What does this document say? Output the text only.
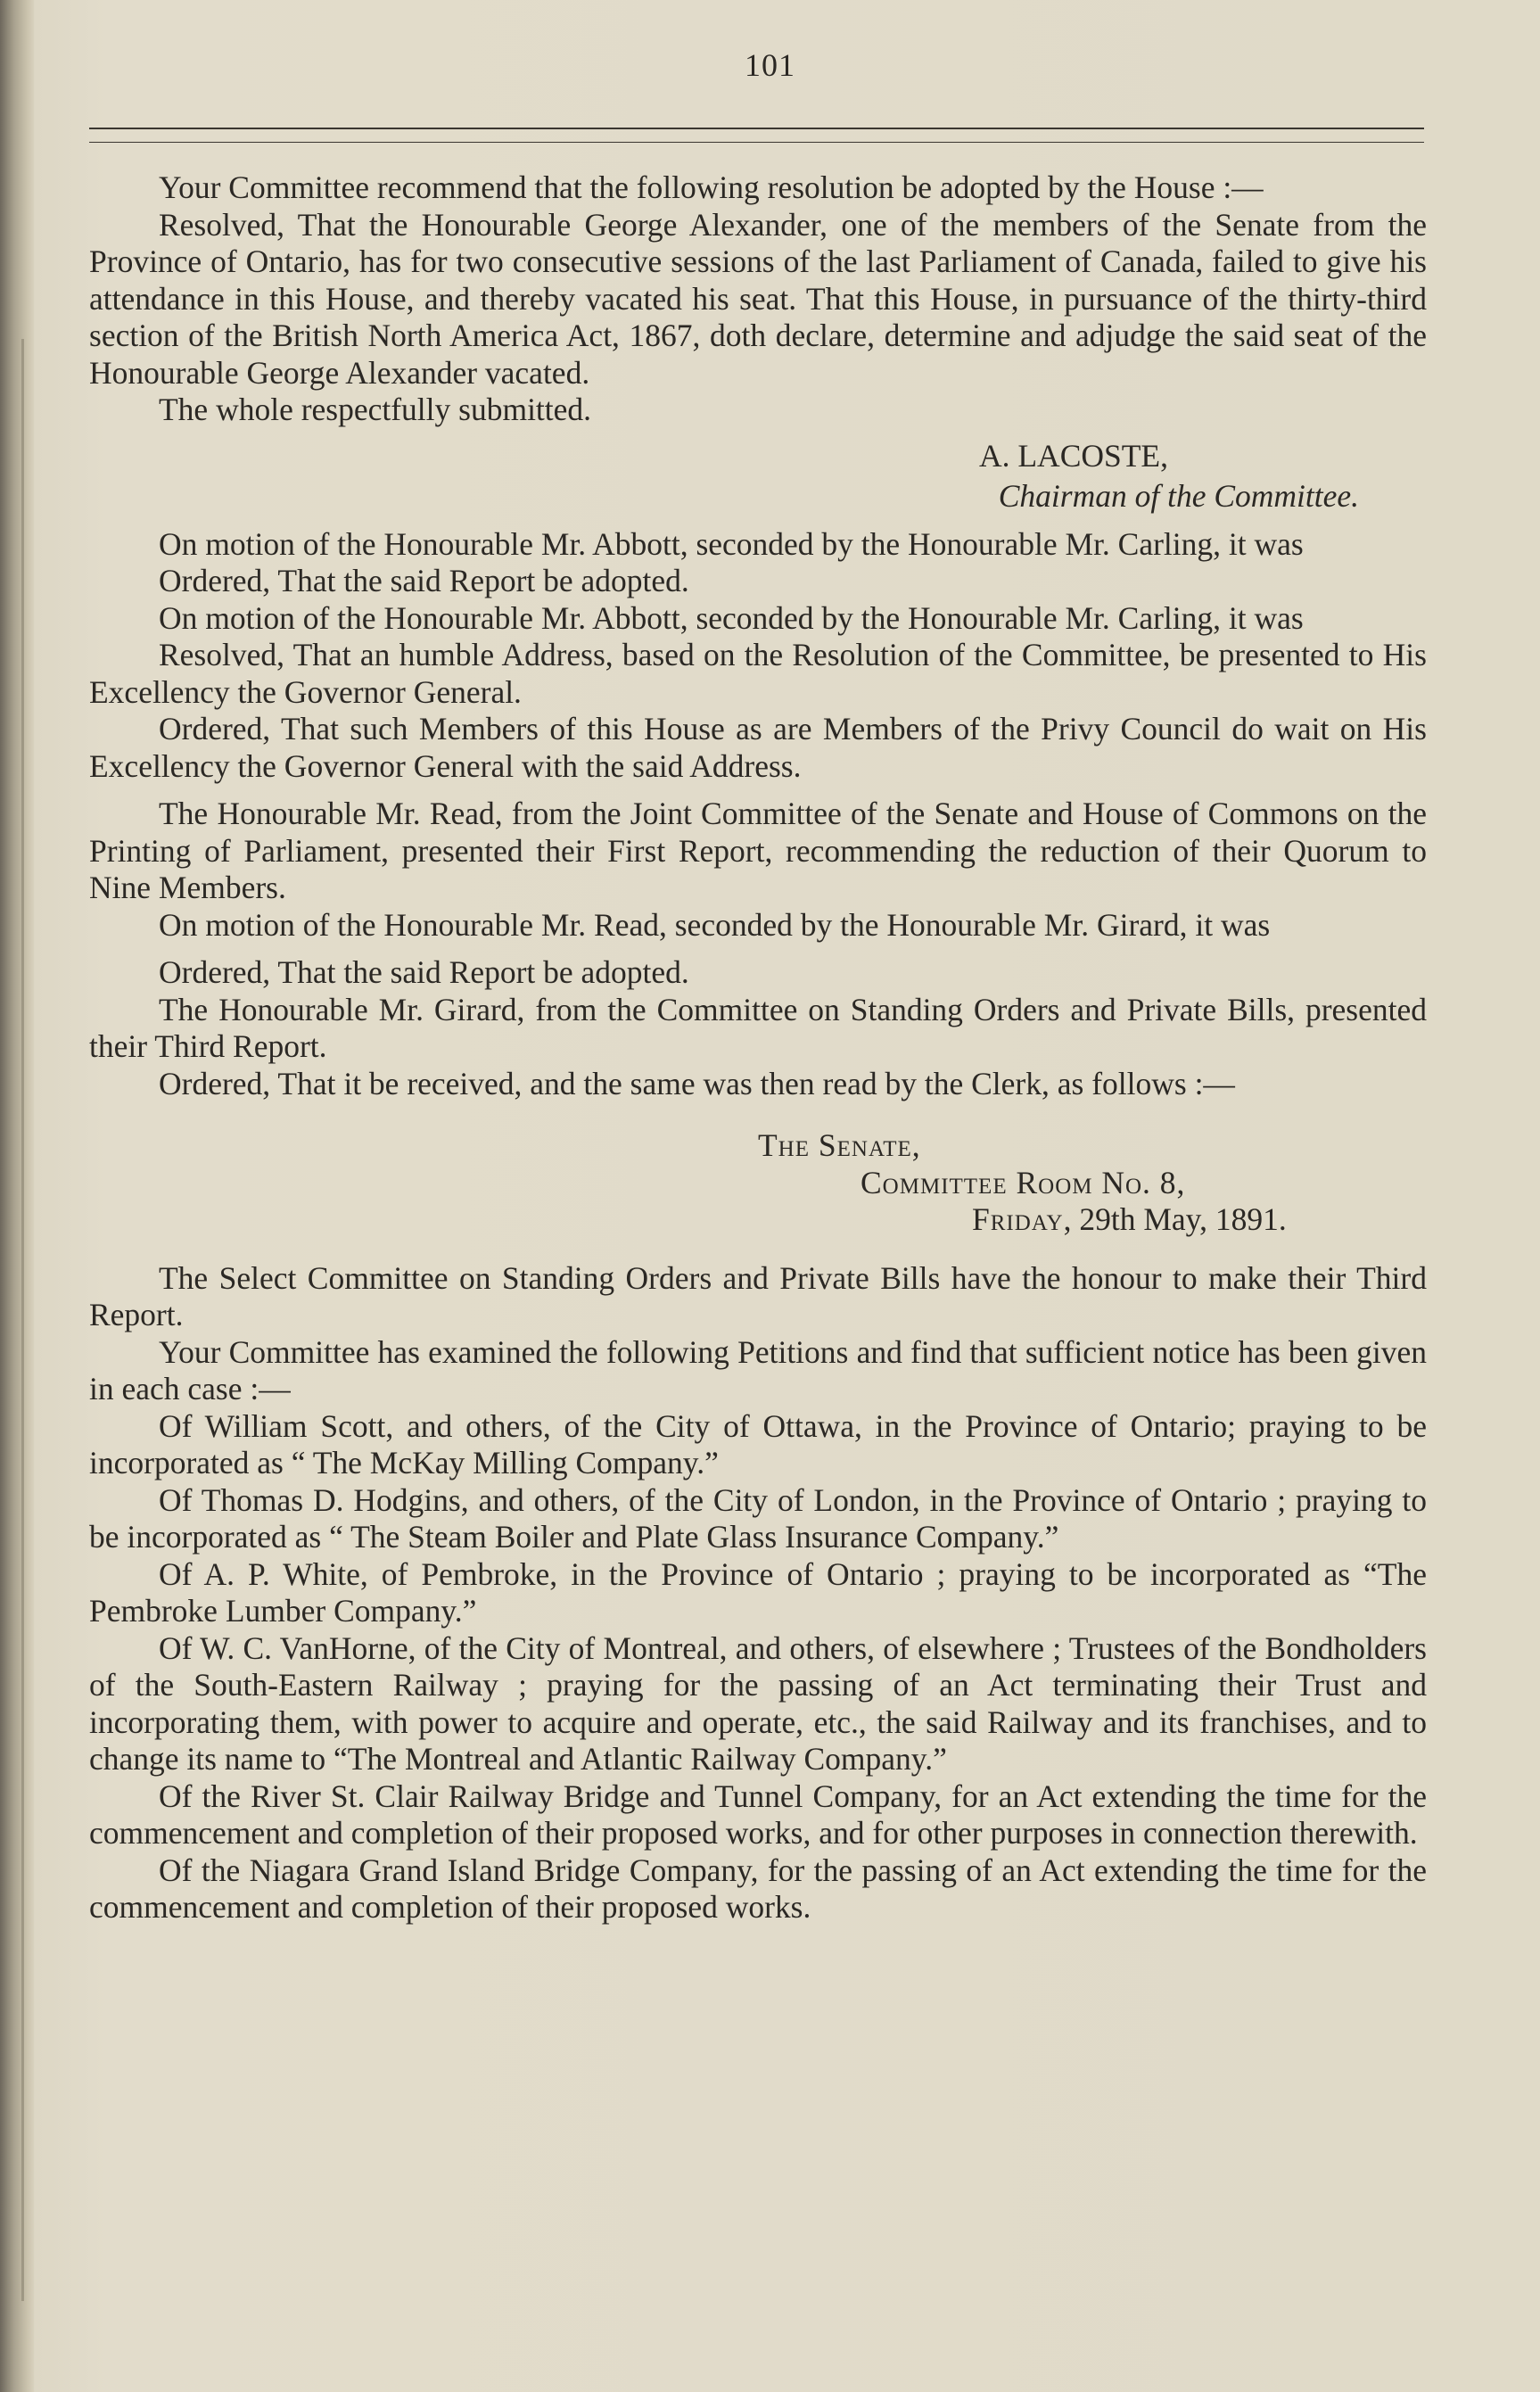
101

Your Committee recommend that the following resolution be adopted by the House :—

Resolved, That the Honourable George Alexander, one of the members of the Senate from the Province of Ontario, has for two consecutive sessions of the last Parliament of Canada, failed to give his attendance in this House, and thereby vacated his seat. That this House, in pursuance of the thirty-third section of the British North America Act, 1867, doth declare, determine and adjudge the said seat of the Honourable George Alexander vacated.

The whole respectfully submitted.

A. LACOSTE,

Chairman of the Committee.

On motion of the Honourable Mr. Abbott, seconded by the Honourable Mr. Carling, it was

Ordered, That the said Report be adopted.

On motion of the Honourable Mr. Abbott, seconded by the Honourable Mr. Carling, it was

Resolved, That an humble Address, based on the Resolution of the Committee, be presented to His Excellency the Governor General.

Ordered, That such Members of this House as are Members of the Privy Council do wait on His Excellency the Governor General with the said Address.

The Honourable Mr. Read, from the Joint Committee of the Senate and House of Commons on the Printing of Parliament, presented their First Report, recommending the reduction of their Quorum to Nine Members.

On motion of the Honourable Mr. Read, seconded by the Honourable Mr. Girard, it was

Ordered, That the said Report be adopted.

The Honourable Mr. Girard, from the Committee on Standing Orders and Private Bills, presented their Third Report.

Ordered, That it be received, and the same was then read by the Clerk, as follows :—

The Senate,

Committee Room No. 8,

Friday, 29th May, 1891.

The Select Committee on Standing Orders and Private Bills have the honour to make their Third Report.

Your Committee has examined the following Petitions and find that sufficient notice has been given in each case :—

Of William Scott, and others, of the City of Ottawa, in the Province of Ontario; praying to be incorporated as “ The McKay Milling Company.”

Of Thomas D. Hodgins, and others, of the City of London, in the Province of Ontario ; praying to be incorporated as “ The Steam Boiler and Plate Glass Insurance Company.”

Of A. P. White, of Pembroke, in the Province of Ontario ; praying to be incorporated as “The Pembroke Lumber Company.”

Of W. C. VanHorne, of the City of Montreal, and others, of elsewhere ; Trustees of the Bondholders of the South-Eastern Railway ; praying for the passing of an Act terminating their Trust and incorporating them, with power to acquire and operate, etc., the said Railway and its franchises, and to change its name to “The Montreal and Atlantic Railway Company.”

Of the River St. Clair Railway Bridge and Tunnel Company, for an Act extending the time for the commencement and completion of their proposed works, and for other purposes in connection therewith.

Of the Niagara Grand Island Bridge Company, for the passing of an Act extending the time for the commencement and completion of their proposed works.
